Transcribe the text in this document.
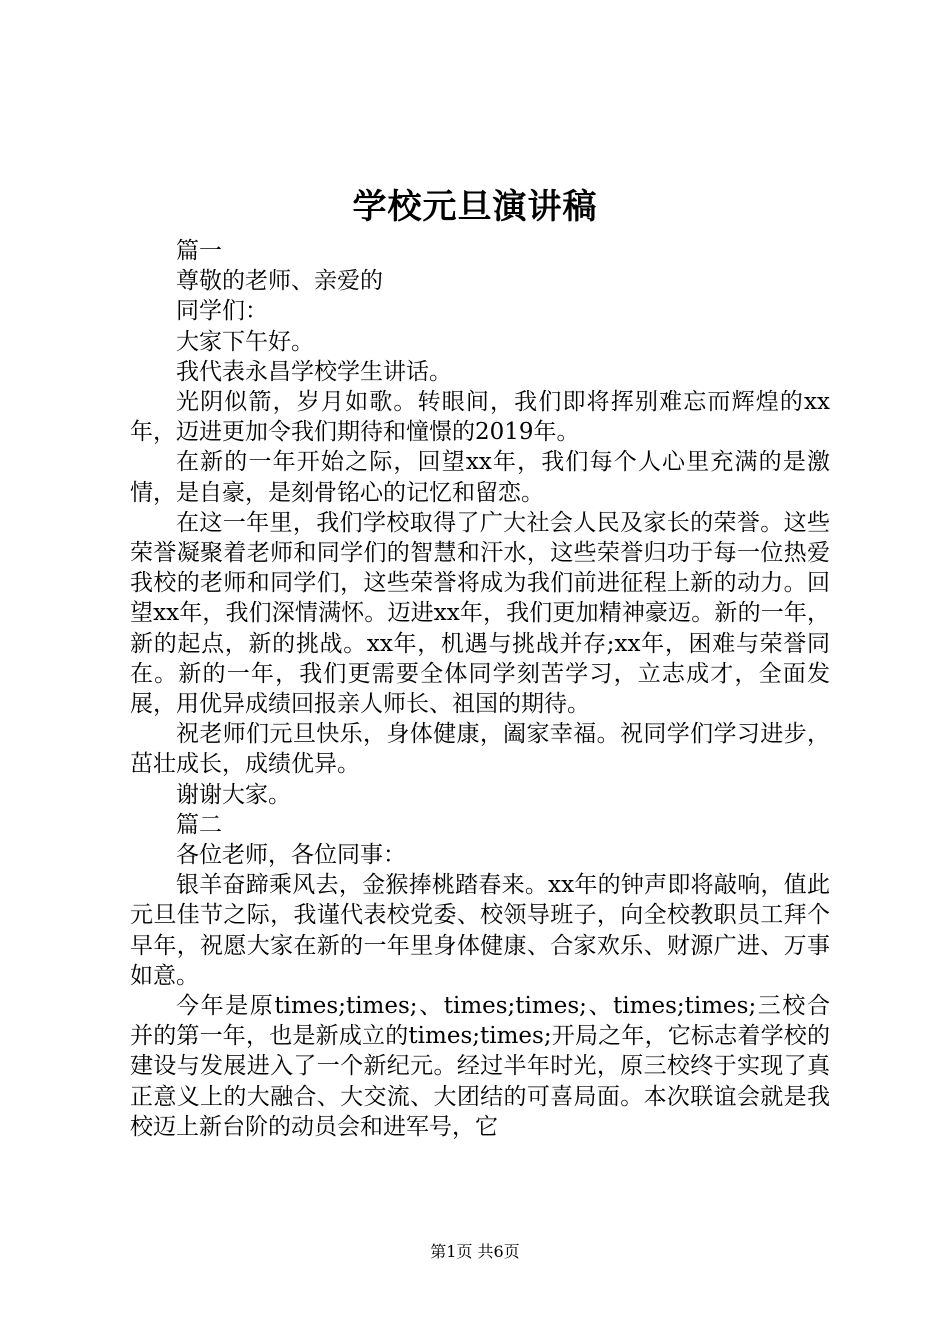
学校元旦演讲稿

篇一

尊敬的老师、亲爱的

同学们：

大家下午好。

我代表永昌学校学生讲话。

光阴似箭，岁月如歌。转眼间，我们即将挥别难忘而辉煌的xx年，迈进更加令我们期待和憧憬的2019年。

在新的一年开始之际，回望xx年，我们每个人心里充满的是激情，是自豪，是刻骨铭心的记忆和留恋。

在这一年里，我们学校取得了广大社会人民及家长的荣誉。这些荣誉凝聚着老师和同学们的智慧和汗水，这些荣誉归功于每一位热爱我校的老师和同学们，这些荣誉将成为我们前进征程上新的动力。回望xx年，我们深情满怀。迈进xx年，我们更加精神豪迈。新的一年，新的起点，新的挑战。xx年，机遇与挑战并存;xx年，困难与荣誉同在。新的一年，我们更需要全体同学刻苦学习，立志成才，全面发展，用优异成绩回报亲人师长、祖国的期待。

祝老师们元旦快乐，身体健康，阖家幸福。祝同学们学习进步，茁壮成长，成绩优异。

谢谢大家。

篇二

各位老师，各位同事：

银羊奋蹄乘风去，金猴捧桃踏春来。xx年的钟声即将敲响，值此元旦佳节之际，我谨代表校党委、校领导班子，向全校教职员工拜个早年，祝愿大家在新的一年里身体健康、合家欢乐、财源广进、万事如意。

今年是原times;times;、times;times;、times;times;三校合并的第一年，也是新成立的times;times;开局之年，它标志着学校的建设与发展进入了一个新纪元。经过半年时光，原三校终于实现了真正意义上的大融合、大交流、大团结的可喜局面。本次联谊会就是我校迈上新台阶的动员会和进军号，它

第1页 共6页
